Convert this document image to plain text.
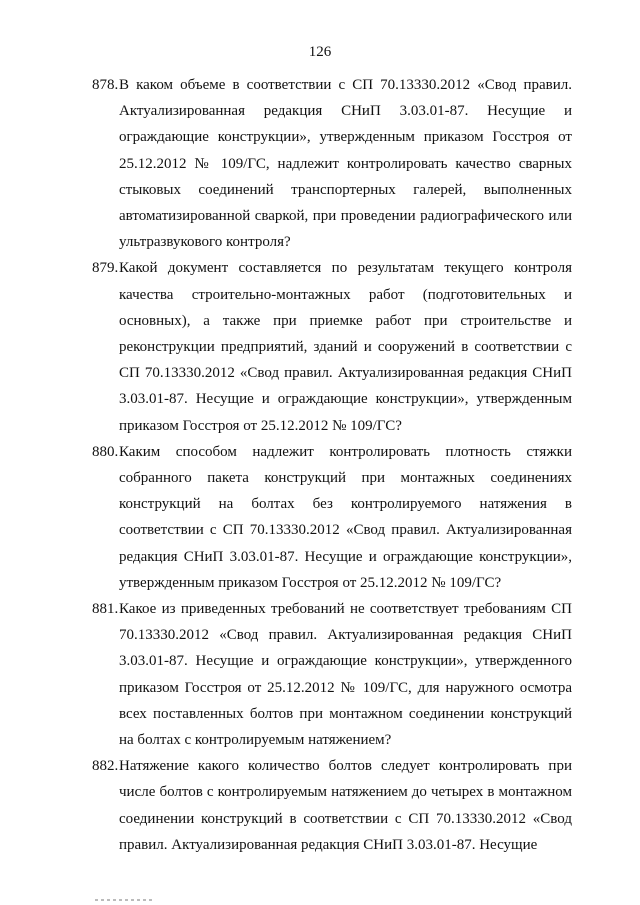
126
878. В каком объеме в соответствии с СП 70.13330.2012 «Свод правил. Актуализированная редакция СНиП 3.03.01-87. Несущие и ограждающие конструкции», утвержденным приказом Госстроя от 25.12.2012 № 109/ГС, надлежит контролировать качество сварных стыковых соединений транспортерных галерей, выполненных автоматизированной сваркой, при проведении радиографического или ультразвукового контроля?
879. Какой документ составляется по результатам текущего контроля качества строительно-монтажных работ (подготовительных и основных), а также при приемке работ при строительстве и реконструкции предприятий, зданий и сооружений в соответствии с СП 70.13330.2012 «Свод правил. Актуализированная редакция СНиП 3.03.01-87. Несущие и ограждающие конструкции», утвержденным приказом Госстроя от 25.12.2012 № 109/ГС?
880. Каким способом надлежит контролировать плотность стяжки собранного пакета конструкций при монтажных соединениях конструкций на болтах без контролируемого натяжения в соответствии с СП 70.13330.2012 «Свод правил. Актуализированная редакция СНиП 3.03.01-87. Несущие и ограждающие конструкции», утвержденным приказом Госстроя от 25.12.2012 № 109/ГС?
881. Какое из приведенных требований не соответствует требованиям СП 70.13330.2012 «Свод правил. Актуализированная редакция СНиП 3.03.01-87. Несущие и ограждающие конструкции», утвержденного приказом Госстроя от 25.12.2012 № 109/ГС, для наружного осмотра всех поставленных болтов при монтажном соединении конструкций на болтах с контролируемым натяжением?
882. Натяжение какого количество болтов следует контролировать при числе болтов с контролируемым натяжением до четырех в монтажном соединении конструкций в соответствии с СП 70.13330.2012 «Свод правил. Актуализированная редакция СНиП 3.03.01-87. Несущие
